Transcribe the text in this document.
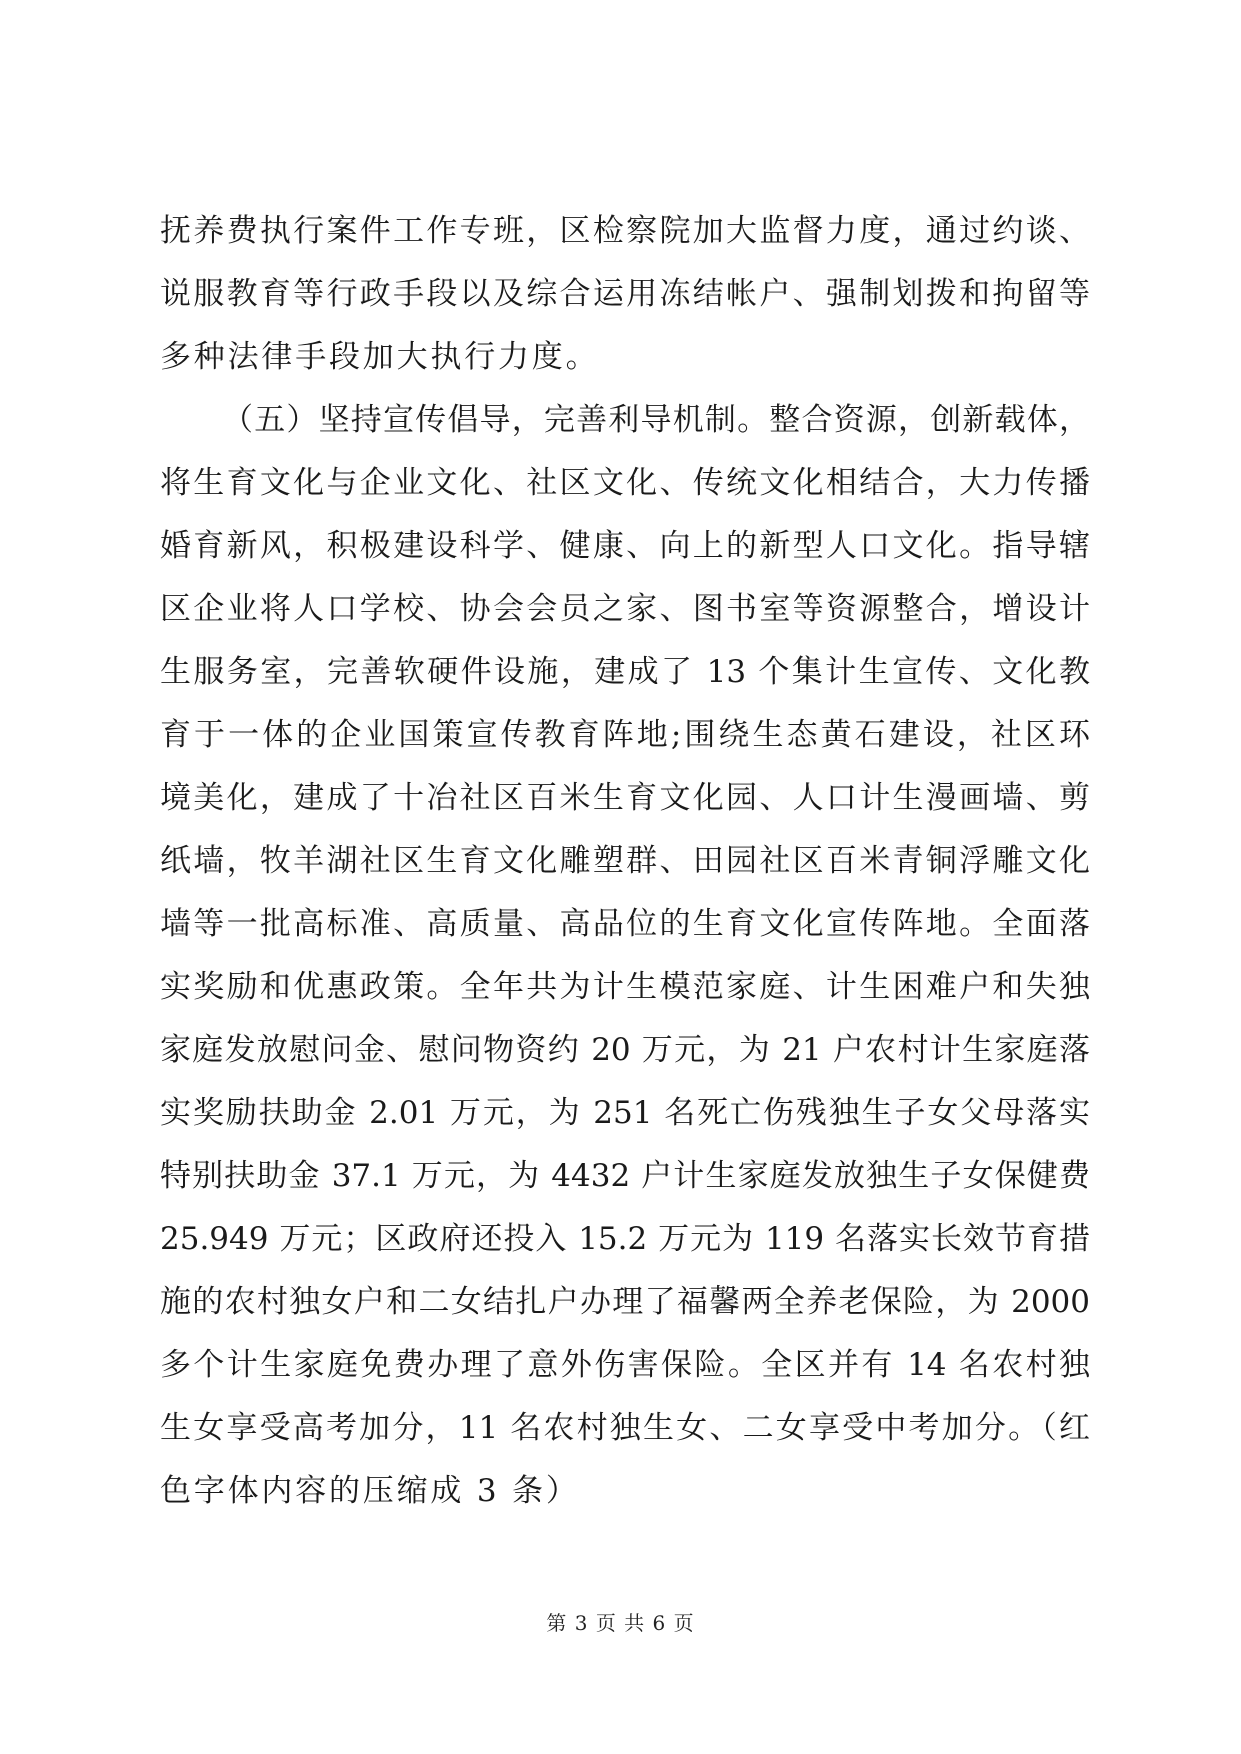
抚养费执行案件工作专班，区检察院加大监督力度，通过约谈、
说服教育等行政手段以及综合运用冻结帐户、强制划拨和拘留等
多种法律手段加大执行力度。
（五）坚持宣传倡导，完善利导机制。整合资源，创新载体，
将生育文化与企业文化、社区文化、传统文化相结合，大力传播
婚育新风，积极建设科学、健康、向上的新型人口文化。指导辖
区企业将人口学校、协会会员之家、图书室等资源整合，增设计
生服务室，完善软硬件设施，建成了 13 个集计生宣传、文化教
育于一体的企业国策宣传教育阵地;围绕生态黄石建设，社区环
境美化，建成了十冶社区百米生育文化园、人口计生漫画墙、剪
纸墙，牧羊湖社区生育文化雕塑群、田园社区百米青铜浮雕文化
墙等一批高标准、高质量、高品位的生育文化宣传阵地。全面落
实奖励和优惠政策。全年共为计生模范家庭、计生困难户和失独
家庭发放慰问金、慰问物资约 20 万元，为 21 户农村计生家庭落
实奖励扶助金 2.01 万元，为 251 名死亡伤残独生子女父母落实
特别扶助金 37.1 万元，为 4432 户计生家庭发放独生子女保健费
25.949 万元；区政府还投入 15.2 万元为 119 名落实长效节育措
施的农村独女户和二女结扎户办理了福馨两全养老保险，为 2000
多个计生家庭免费办理了意外伤害保险。全区并有 14 名农村独
生女享受高考加分，11 名农村独生女、二女享受中考加分。（红
色字体内容的压缩成 3 条）
第 3 页 共 6 页
